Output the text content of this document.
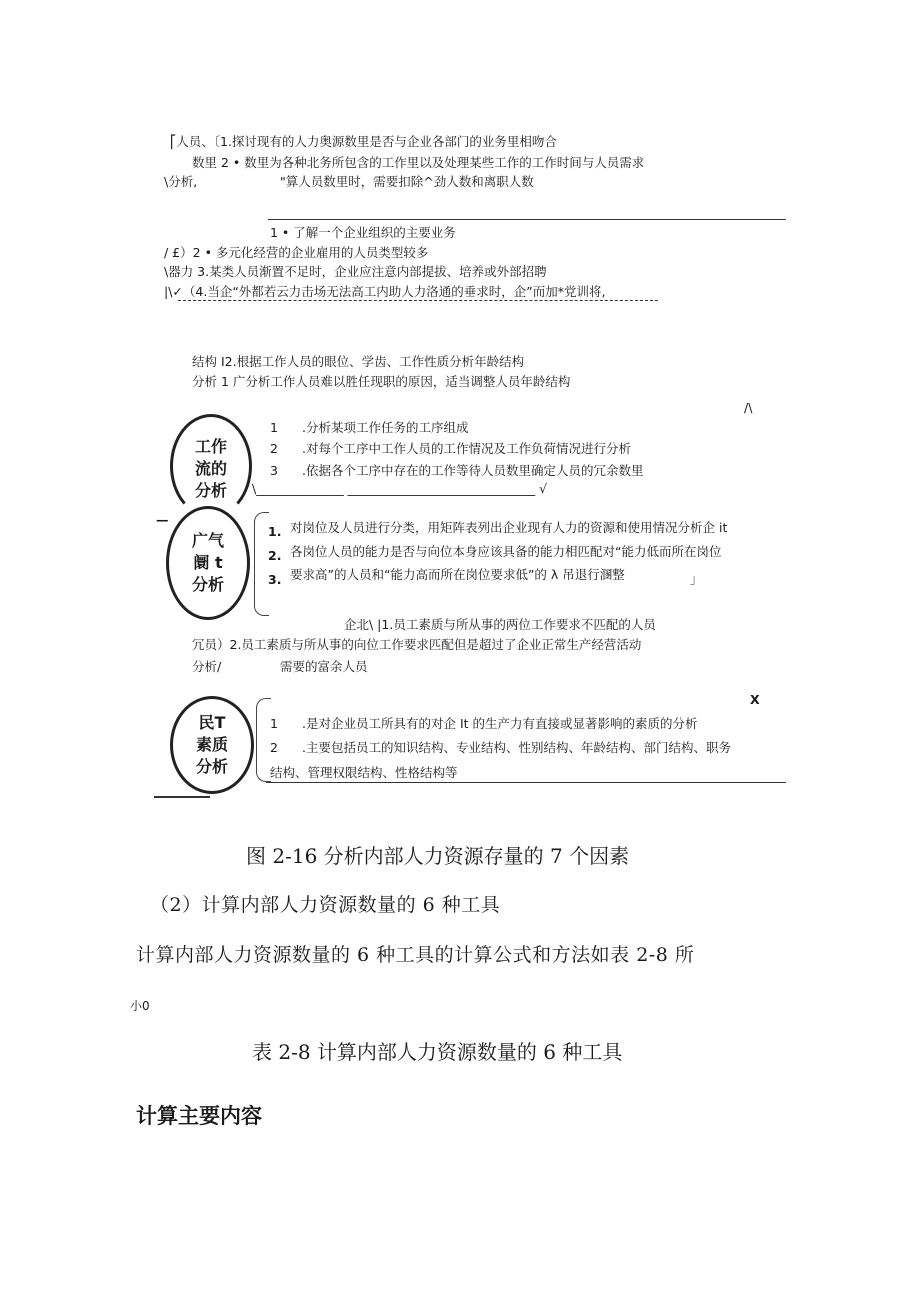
⎡人员、〔1.探讨现有的人力奥源数里是否与企业各部门的业务里相吻合
数里 2 • 数里为各种北务所包含的工作里以及处理某些工作的工作时间与人员需求
\分析,	"算人员数里时，需要扣除^劲人数和离职人数
1 • 了解一个企业组织的主要业务
/ £）2 • 多元化经营的企业雇用的人员类型较多
\器力 3.某类人员渐置不足时，企业应注意内部提拔、培养或外部招聘
|\✓（4.当企“外都若云力击场无法高工内助人力洛通的垂求时，企”而加*党训将,
结构 I2.根据工作人员的眼位、学齿、工作性质分析年龄结构
分析 1 广分析工作人员难以胜任现职的原因，适当调整人员年龄结构
/\
工作
流的
分析
1 .分析某项工作任务的工序组成
2 .对每个工序中工作人员的工作情况及工作负荷情况进行分析
3 .依据各个工序中存在的工作等待人员数里确定人员的冗余数里
\______________ ______________________________ √
—
广气
阛 t
分析
1.
2.
3.
对岗位及人员进行分类，用矩阵表列出企业现有人力的资源和使用情况分析企 it
各岗位人员的能力是否与向位本身应该具备的能力相匹配对“能力低而所在岗位
要求高”的人员和“能力高而所在岗位要求低”的 λ 吊退行溷整	」
企北\ |1.员工素质与所从事的两位工作要求不匹配的人员
冗员）2.员工素质与所从事的向位工作要求匹配但是超过了企业正常生产经营活动
分析/	需要的富余人员
X
民T
素质
分析
1 .是对企业员工所具有的对企 It 的生产力有直接或显著影响的素质的分析
2 .主要包括员工的知识结构、专业结构、性别结构、年龄结构、部门结构、职务
结构、管理权限结构、性格结构等
图 2-16 分析内部人力资源存量的 7 个因素
（2）计算内部人力资源数量的 6 种工具
计算内部人力资源数量的 6 种工具的计算公式和方法如表 2-8 所
小0
表 2-8 计算内部人力资源数量的 6 种工具
计算主要内容
